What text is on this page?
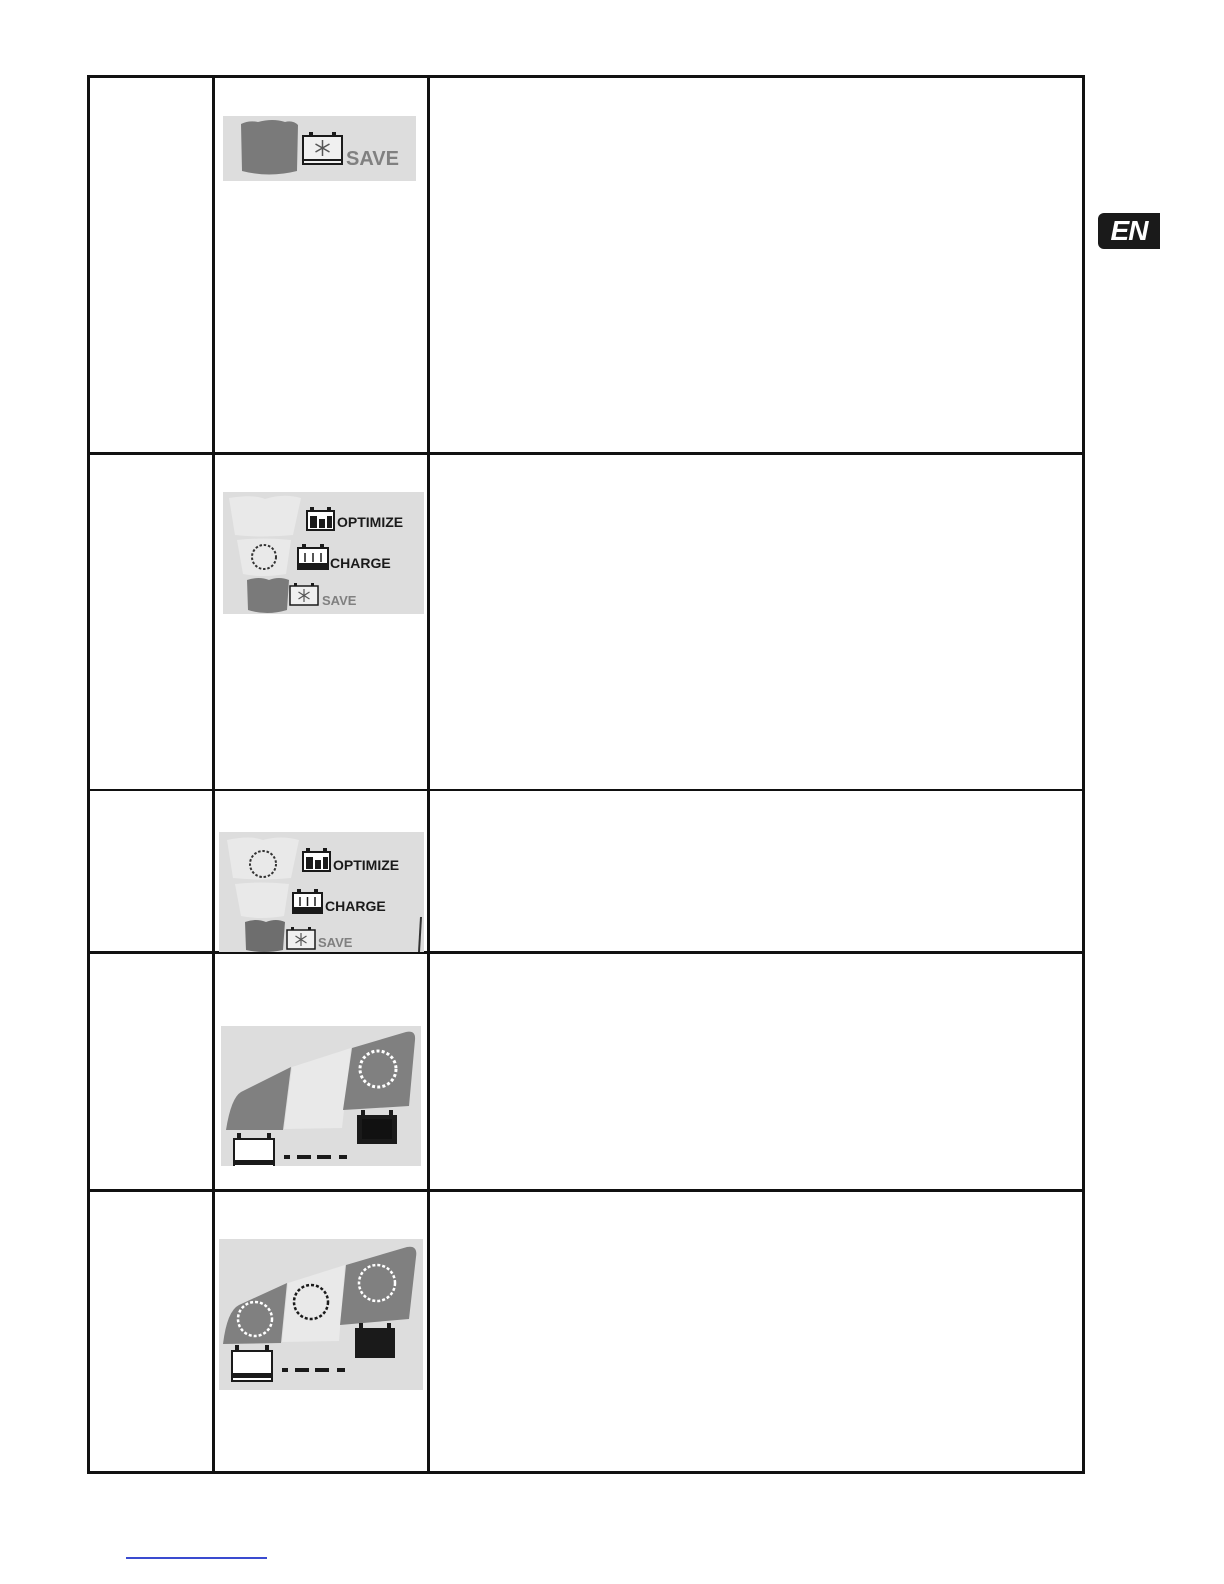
EN
SAVE
OPTIMIZE
CHARGE
SAVE
OPTIMIZE
CHARGE
SAVE
